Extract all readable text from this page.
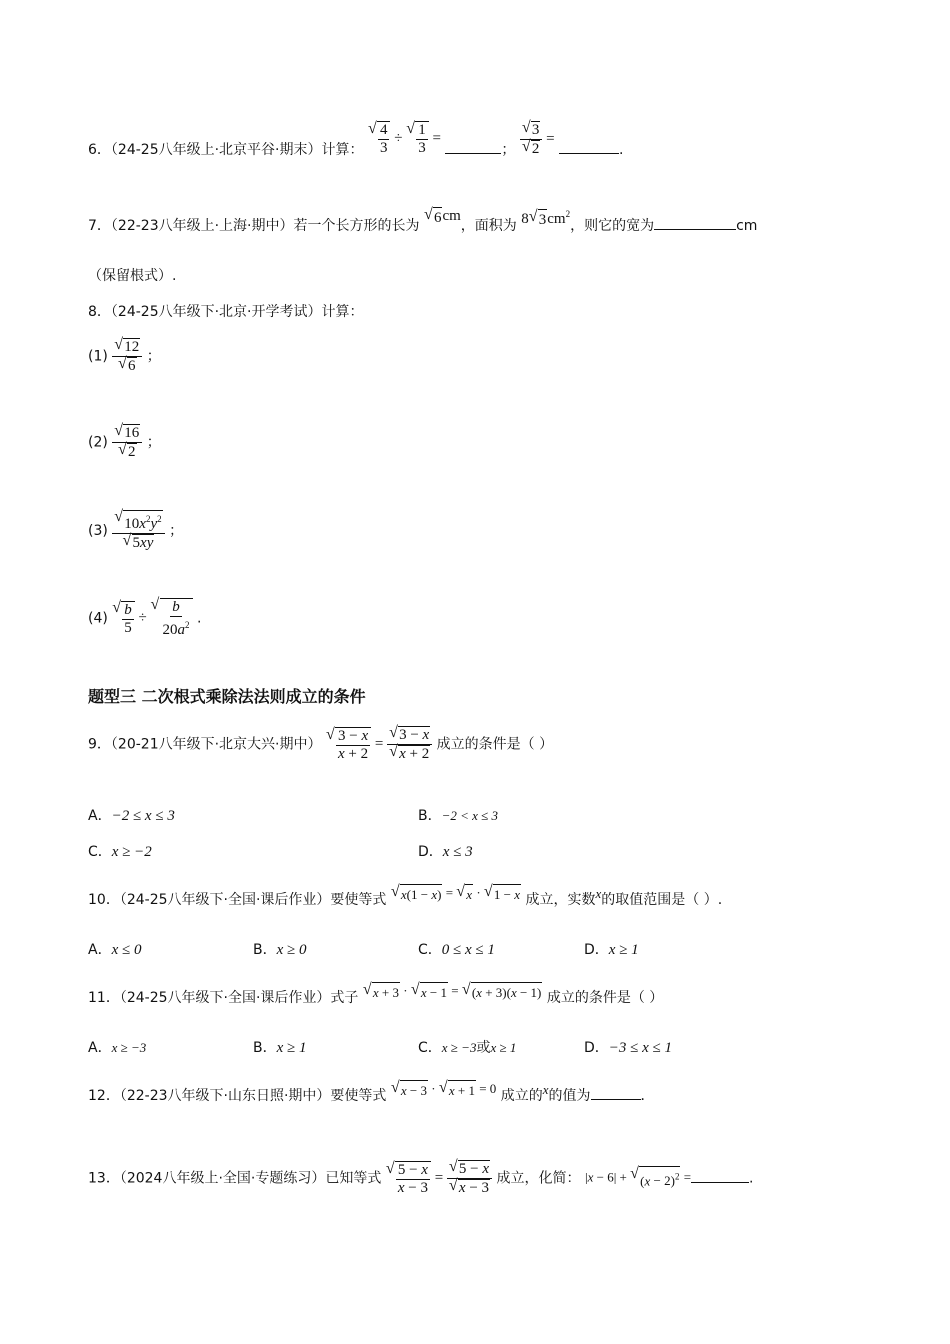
6．（24-25八年级上·北京平谷·期末）计算： √ $\frac{4}{3}$ ÷ √ $\frac{1}{3}$ = ； √ 3
√ 2 = .
7．（22-23八年级上·上海·期中）若一个长方形的长为 √ 6cm，面积为 8 √ $3cm^2$，则它的宽为	cm
（保留根式）.
8．（24-25八年级下·北京·开学考试）计算：
(1) √ 12
√ 6 ；
(2) √ 16
√ 2 ；
(3) √ $10x^2y^2$
√ 5xy ；
(4) √ $\frac{b}{5}$ ÷ √ $\frac{b}{20a^2}$ .
题型三 二次根式乘除法法则成立的条件
9．（20-21八年级下·北京大兴·期中） √ $\frac{3 - x}{x + 2}$ = √ 3 − x
√ x + 2 成立的条件是（ ）
A．−2 ≤ x ≤ 3	B．−2 < x ≤ 3
C．x ≥ −2	D．x ≤ 3
10．（24-25八年级下·全国·课后作业）要使等式 √ x(1 − x) = √ x · √ 1 − x 成立，实数x的取值范围是（ ）.
A．x ≤ 0	B．x ≥ 0	C．0 ≤ x ≤ 1	D．x ≥ 1
11．（24-25八年级下·全国·课后作业）式子 √ x + 3 · √ x − 1 = √ (x + 3)(x − 1) 成立的条件是（ ）
A．x ≥ −3	B．x ≥ 1	C．x ≥ −3或x ≥ 1	D．−3 ≤ x ≤ 1
12．（22-23八年级下·山东日照·期中）要使等式 √ x − 3 · √ x + 1 = 0 成立的x的值为	．
13．（2024八年级上·全国·专题练习）已知等式 √ $\frac{5 - x}{x - 3}$ = √ 5 − x
√ x − 3 成立，化简： |x − 6| + √ $(x - 2)^2$ =	.
